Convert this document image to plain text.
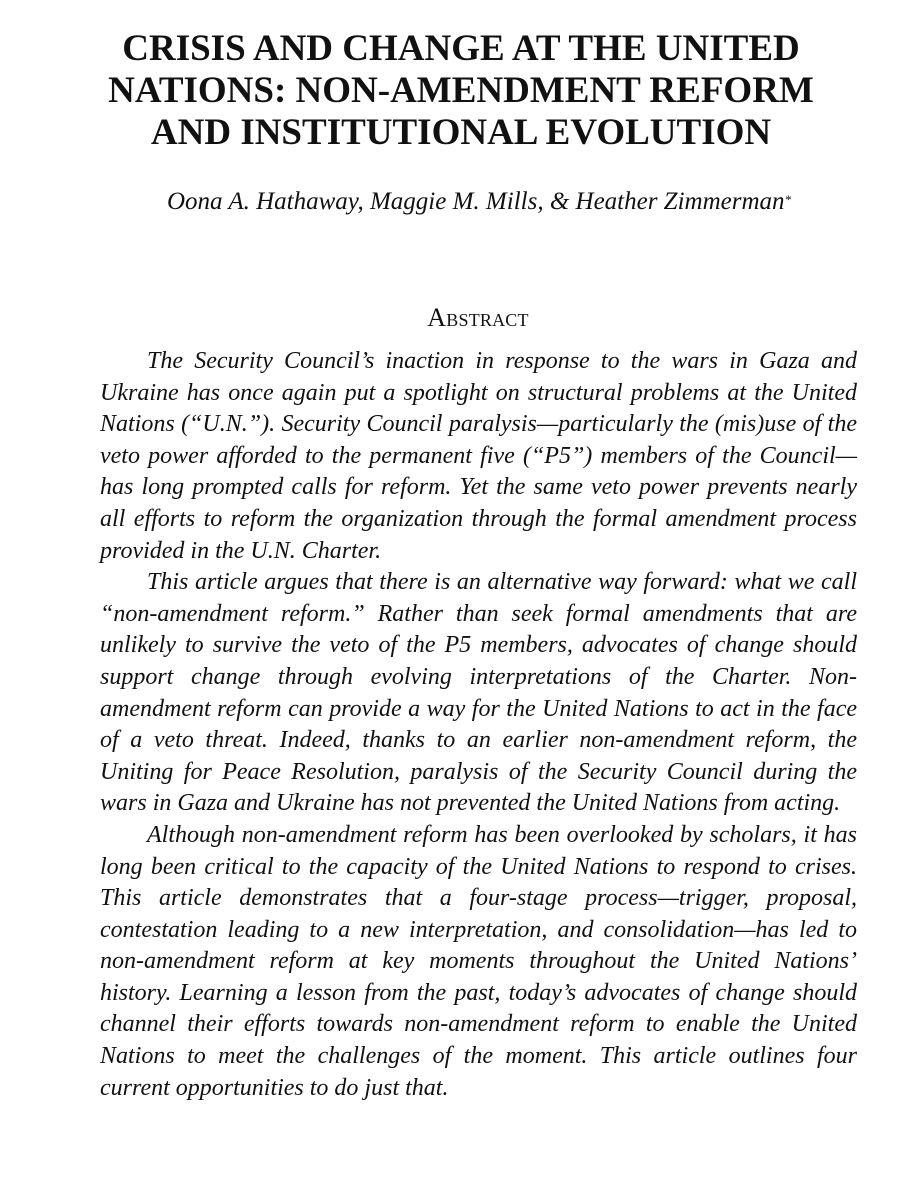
CRISIS AND CHANGE AT THE UNITED
NATIONS: NON-AMENDMENT REFORM
AND INSTITUTIONAL EVOLUTION
Oona A. Hathaway, Maggie M. Mills, & Heather Zimmerman*
Abstract

The Security Council’s inaction in response to the wars in Gaza and Ukraine has once again put a spotlight on structural problems at the United Nations (“U.N.”). Security Council paralysis—particularly the (mis)use of the veto power afforded to the permanent five (“P5”) members of the Council—has long prompted calls for reform. Yet the same veto power prevents nearly all efforts to reform the organization through the formal amendment process provided in the U.N. Charter.

This article argues that there is an alternative way forward: what we call “non-amendment reform.” Rather than seek formal amendments that are unlikely to survive the veto of the P5 members, advocates of change should support change through evolving interpretations of the Charter. Non-amendment reform can provide a way for the United Nations to act in the face of a veto threat. Indeed, thanks to an earlier non-amendment reform, the Uniting for Peace Resolution, paralysis of the Security Council during the wars in Gaza and Ukraine has not prevented the United Nations from acting.

Although non-amendment reform has been overlooked by scholars, it has long been critical to the capacity of the United Nations to respond to crises. This article demonstrates that a four-stage process—trigger, proposal, contestation leading to a new interpretation, and consolidation—has led to non-amendment reform at key moments throughout the United Nations’ history. Learning a lesson from the past, today’s advocates of change should channel their efforts towards non-amendment reform to enable the United Nations to meet the challenges of the moment. This article outlines four current opportunities to do just that.
